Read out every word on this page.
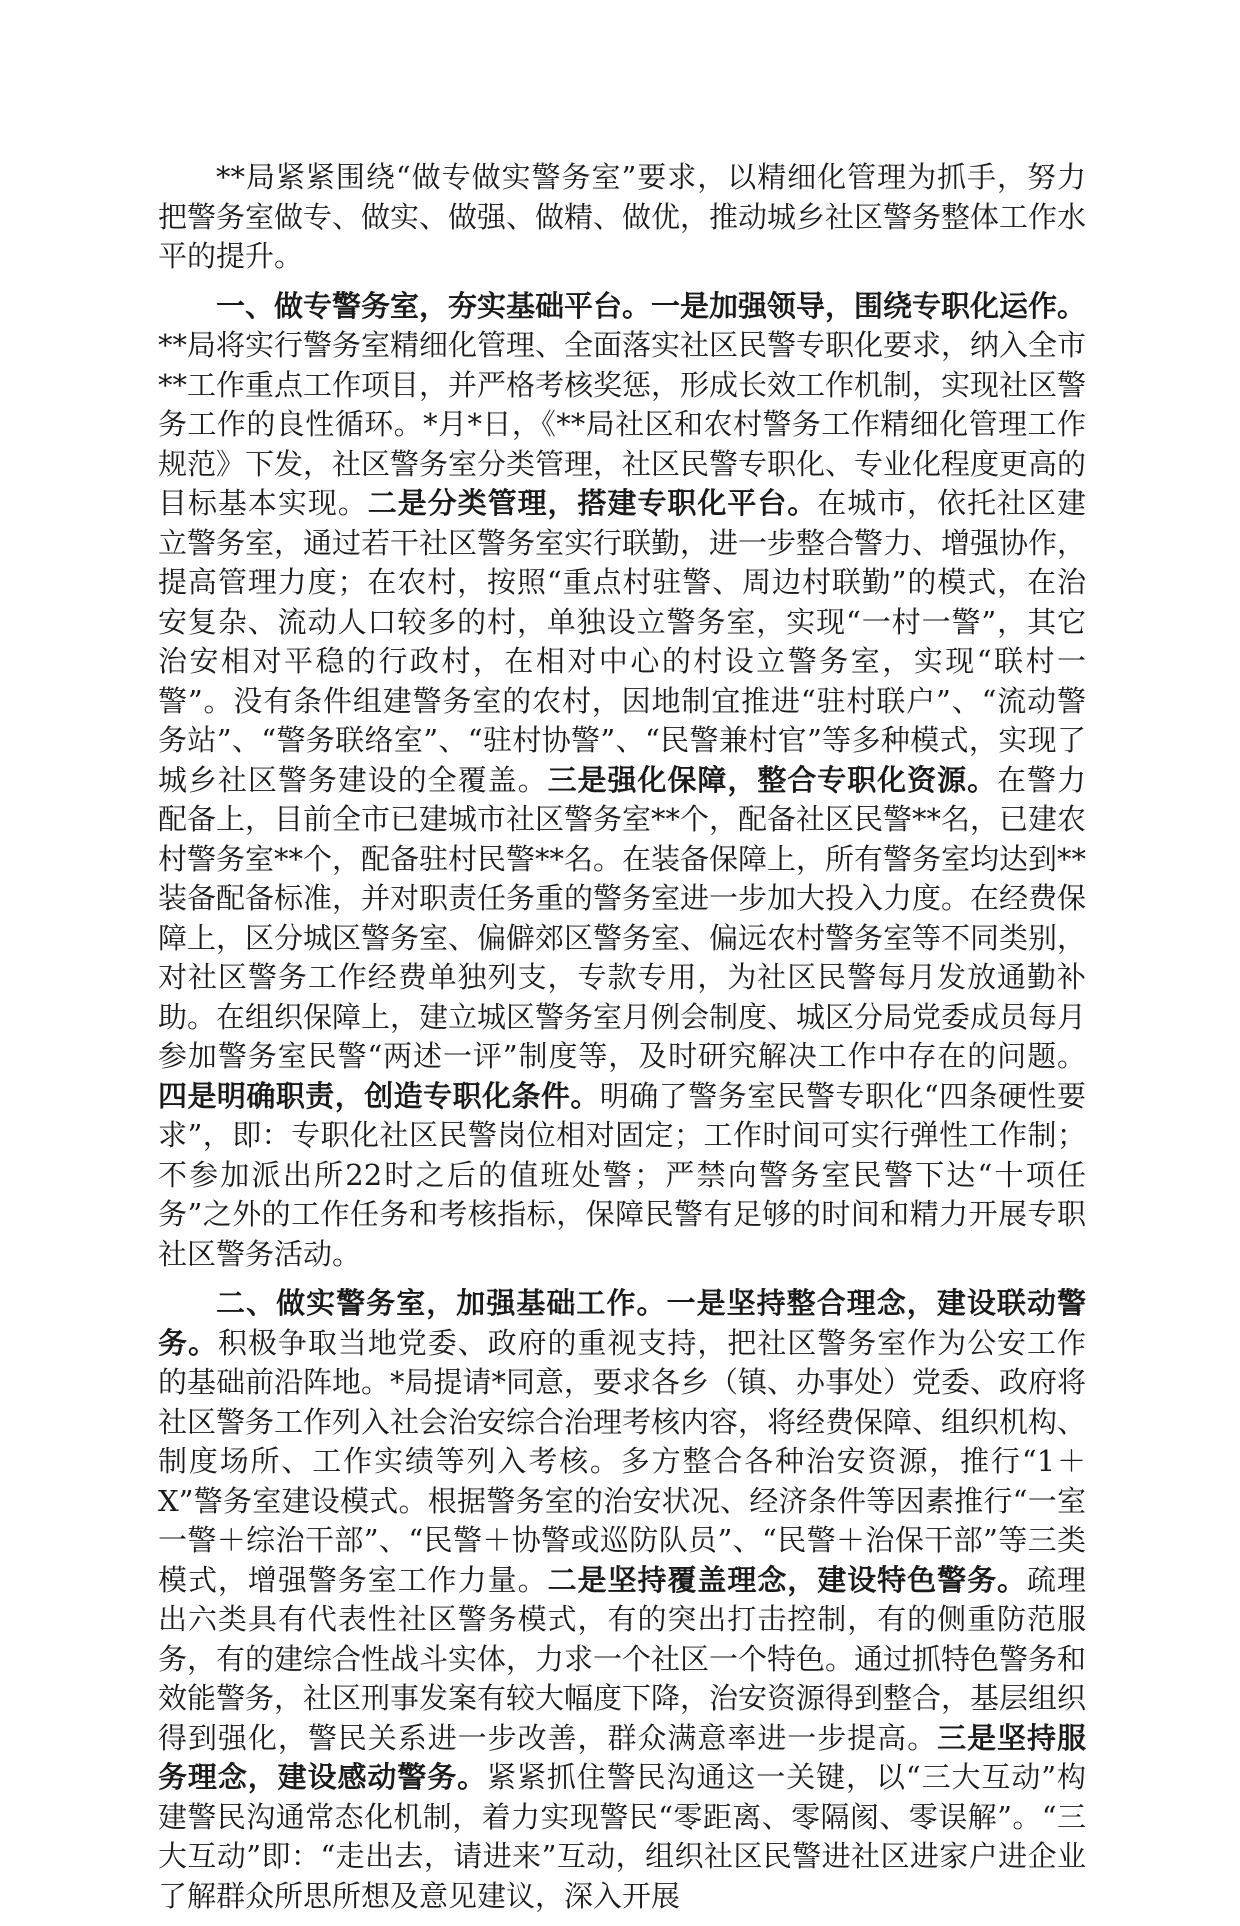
**局紧紧围绕“做专做实警务室”要求，以精细化管理为抓手，努力把警务室做专、做实、做强、做精、做优，推动城乡社区警务整体工作水平的提升。

一、做专警务室，夯实基础平台。一是加强领导，围绕专职化运作。**局将实行警务室精细化管理、全面落实社区民警专职化要求，纳入全市**工作重点工作项目，并严格考核奖惩，形成长效工作机制，实现社区警务工作的良性循环。*月*日，《**局社区和农村警务工作精细化管理工作规范》下发，社区警务室分类管理，社区民警专职化、专业化程度更高的目标基本实现。二是分类管理，搭建专职化平台。在城市，依托社区建立警务室，通过若干社区警务室实行联勤，进一步整合警力、增强协作，提高管理力度；在农村，按照“重点村驻警、周边村联勤”的模式，在治安复杂、流动人口较多的村，单独设立警务室，实现“一村一警”，其它治安相对平稳的行政村，在相对中心的村设立警务室，实现“联村一警”。没有条件组建警务室的农村，因地制宜推进“驻村联户”、“流动警务站”、“警务联络室”、“驻村协警”、“民警兼村官”等多种模式，实现了城乡社区警务建设的全覆盖。三是强化保障，整合专职化资源。在警力配备上，目前全市已建城市社区警务室**个，配备社区民警**名，已建农村警务室**个，配备驻村民警**名。在装备保障上，所有警务室均达到**装备配备标准，并对职责任务重的警务室进一步加大投入力度。在经费保障上，区分城区警务室、偏僻郊区警务室、偏远农村警务室等不同类别，对社区警务工作经费单独列支，专款专用，为社区民警每月发放通勤补助。在组织保障上，建立城区警务室月例会制度、城区分局党委成员每月参加警务室民警“两述一评”制度等，及时研究解决工作中存在的问题。四是明确职责，创造专职化条件。明确了警务室民警专职化“四条硬性要求”，即：专职化社区民警岗位相对固定；工作时间可实行弹性工作制；不参加派出所22时之后的值班处警；严禁向警务室民警下达“十项任务”之外的工作任务和考核指标，保障民警有足够的时间和精力开展专职社区警务活动。

二、做实警务室，加强基础工作。一是坚持整合理念，建设联动警务。积极争取当地党委、政府的重视支持，把社区警务室作为公安工作的基础前沿阵地。*局提请*同意，要求各乡（镇、办事处）党委、政府将社区警务工作列入社会治安综合治理考核内容，将经费保障、组织机构、制度场所、工作实绩等列入考核。多方整合各种治安资源，推行“1＋X”警务室建设模式。根据警务室的治安状况、经济条件等因素推行“一室一警＋综治干部”、“民警＋协警或巡防队员”、“民警＋治保干部”等三类模式，增强警务室工作力量。二是坚持覆盖理念，建设特色警务。疏理出六类具有代表性社区警务模式，有的突出打击控制，有的侧重防范服务，有的建综合性战斗实体，力求一个社区一个特色。通过抓特色警务和效能警务，社区刑事发案有较大幅度下降，治安资源得到整合，基层组织得到强化，警民关系进一步改善，群众满意率进一步提高。三是坚持服务理念，建设感动警务。紧紧抓住警民沟通这一关键，以“三大互动”构建警民沟通常态化机制，着力实现警民“零距离、零隔阂、零误解”。“三大互动”即：“走出去，请进来”互动，组织社区民警进社区进家户进企业了解群众所思所想及意见建议，深入开展
